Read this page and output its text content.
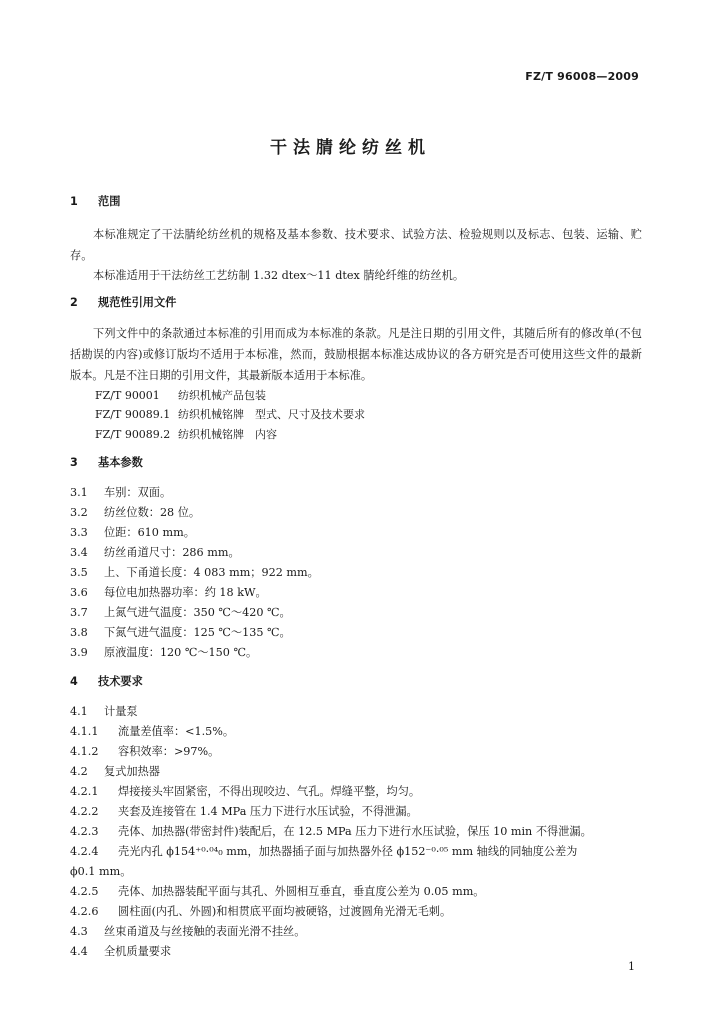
FZ/T 96008—2009
干法腈纶纺丝机
1 范围
本标准规定了干法腈纶纺丝机的规格及基本参数、技术要求、试验方法、检验规则以及标志、包装、运输、贮存。
本标准适用于干法纺丝工艺纺制 1.32 dtex～11 dtex 腈纶纤维的纺丝机。
2 规范性引用文件
下列文件中的条款通过本标准的引用而成为本标准的条款。凡是注日期的引用文件，其随后所有的修改单(不包括勘误的内容)或修订版均不适用于本标准，然而，鼓励根据本标准达成协议的各方研究是否可使用这些文件的最新版本。凡是不注日期的引用文件，其最新版本适用于本标准。
FZ/T 90001 纺织机械产品包装
FZ/T 90089.1 纺织机械铭牌　型式、尺寸及技术要求
FZ/T 90089.2 纺织机械铭牌　内容
3 基本参数
3.1 车别：双面。
3.2 纺丝位数：28 位。
3.3 位距：610 mm。
3.4 纺丝甬道尺寸：286 mm。
3.5 上、下甬道长度：4 083 mm；922 mm。
3.6 每位电加热器功率：约 18 kW。
3.7 上氮气进气温度：350 ℃～420 ℃。
3.8 下氮气进气温度：125 ℃～135 ℃。
3.9 原液温度：120 ℃～150 ℃。
4 技术要求
4.1 计量泵
4.1.1 流量差值率：<1.5%。
4.1.2 容积效率：>97%。
4.2 复式加热器
4.2.1 焊接接头牢固紧密，不得出现咬边、气孔。焊缝平整，均匀。
4.2.2 夹套及连接管在 1.4 MPa 压力下进行水压试验，不得泄漏。
4.2.3 壳体、加热器(带密封件)装配后，在 12.5 MPa 压力下进行水压试验，保压 10 min 不得泄漏。
4.2.4 壳光内孔 ϕ154⁺⁰·⁰⁴₀ mm，加热器插子面与加热器外径 ϕ152⁻⁰·⁰⁵ mm 轴线的同轴度公差为
ϕ0.1 mm。
4.2.5 壳体、加热器装配平面与其孔、外圆相互垂直，垂直度公差为 0.05 mm。
4.2.6 圆柱面(内孔、外圆)和相贯底平面均被硬铬，过渡圆角光滑无毛刺。
4.3 丝束甬道及与丝接触的表面光滑不挂丝。
4.4 全机质量要求
1
